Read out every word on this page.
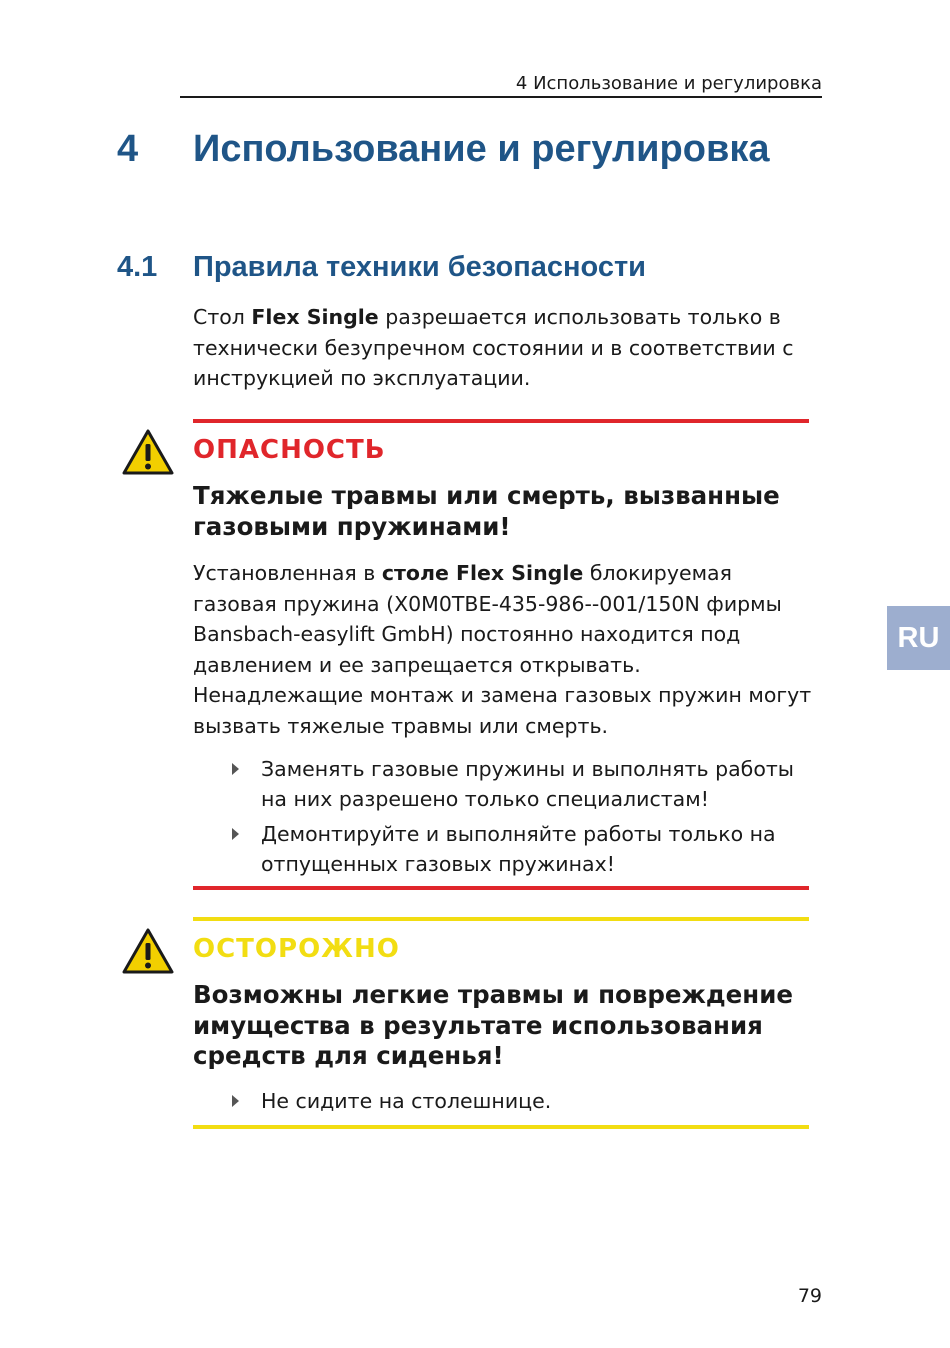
4 Использование и регулировка
4 Использование и регулировка
4.1 Правила техники безопасности
Стол Flex Single разрешается использовать только в технически безупречном состоянии и в соответствии с инструкцией по эксплуатации.
ОПАСНОСТЬ
Тяжелые травмы или смерть, вызванные газовыми пружинами!
Установленная в столе Flex Single блокируемая газовая пружина (X0M0TBE-435-986--001/150N фирмы Bansbach-easylift GmbH) постоянно находится под давлением и ее запрещается открывать. Ненадлежащие монтаж и замена газовых пружин могут вызвать тяжелые травмы или смерть.
Заменять газовые пружины и выполнять работы на них разрешено только специалистам!
Демонтируйте и выполняйте работы только на отпущенных газовых пружинах!
ОСТОРОЖНО
Возможны легкие травмы и повреждение имущества в результате использования средств для сиденья!
Не сидите на столешнице.
RU
79
